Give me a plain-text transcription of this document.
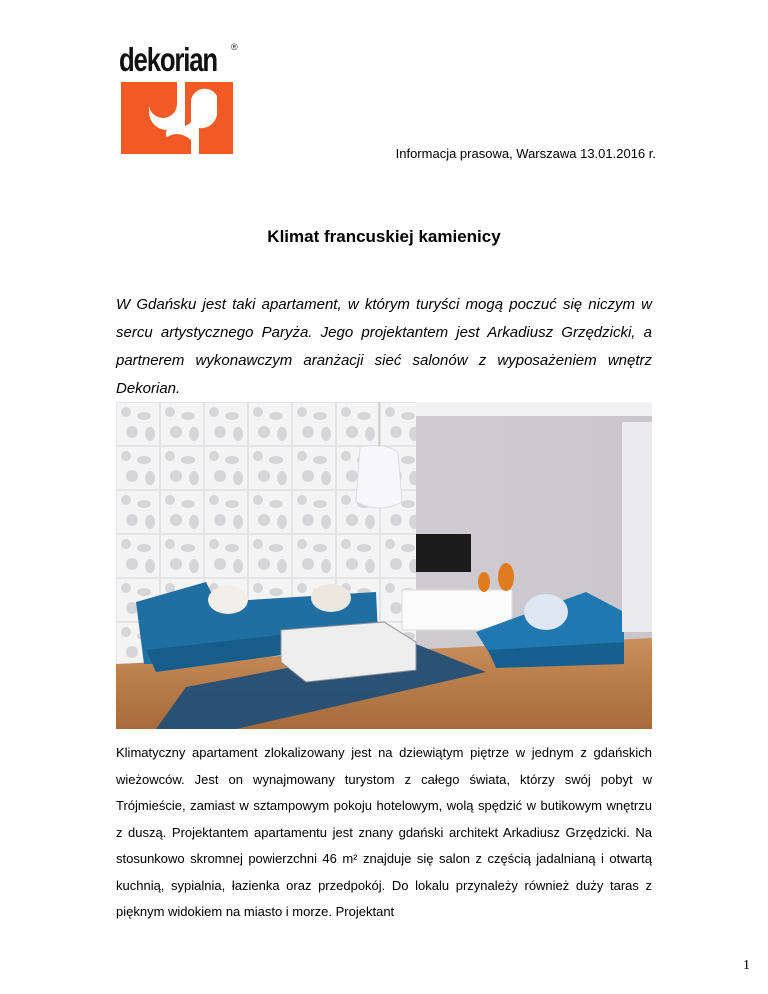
dekorian ®
Informacja prasowa, Warszawa 13.01.2016 r.
Klimat francuskiej kamienicy

W Gdańsku jest taki apartament, w którym turyści mogą poczuć się niczym w sercu artystycznego Paryża. Jego projektantem jest Arkadiusz Grzędzicki, a partnerem wykonawczym aranżacji sieć salonów z wyposażeniem wnętrz Dekorian.

Klimatyczny apartament zlokalizowany jest na dziewiątym piętrze w jednym z gdańskich wieżowców. Jest on wynajmowany turystom z całego świata, którzy swój pobyt w Trójmieście, zamiast w sztampowym pokoju hotelowym, wolą spędzić w butikowym wnętrzu z duszą. Projektantem apartamentu jest znany gdański architekt Arkadiusz Grzędzicki. Na stosunkowo skromnej powierzchni 46 m² znajduje się salon z częścią jadalnianą i otwartą kuchnią, sypialnia, łazienka oraz przedpokój. Do lokalu przynależy również duży taras z pięknym widokiem na miasto i morze. Projektant

1
